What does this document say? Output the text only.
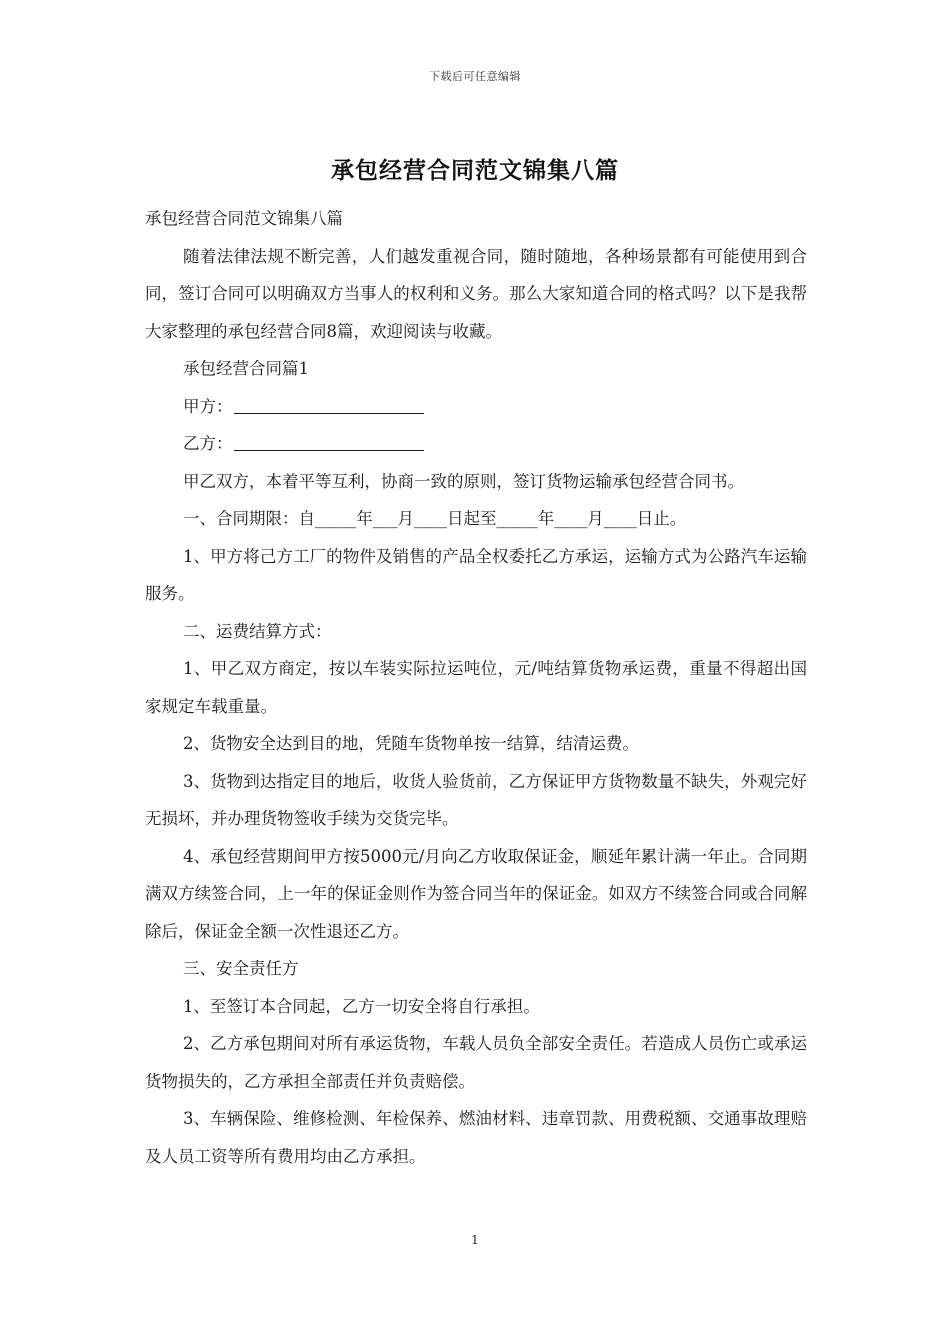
下载后可任意编辑
承包经营合同范文锦集八篇

承包经营合同范文锦集八篇

随着法律法规不断完善，人们越发重视合同，随时随地，各种场景都有可能使用到合同，签订合同可以明确双方当事人的权利和义务。那么大家知道合同的格式吗？以下是我帮大家整理的承包经营合同8篇，欢迎阅读与收藏。

承包经营合同篇1

甲方：

乙方：

甲乙双方，本着平等互利，协商一致的原则，签订货物运输承包经营合同书。

一、合同期限：自_____年___月____日起至_____年____月____日止。

1、甲方将己方工厂的物件及销售的产品全权委托乙方承运，运输方式为公路汽车运输服务。

二、运费结算方式：

1、甲乙双方商定，按以车装实际拉运吨位，元/吨结算货物承运费，重量不得超出国家规定车载重量。

2、货物安全达到目的地，凭随车货物单按一结算，结清运费。

3、货物到达指定目的地后，收货人验货前，乙方保证甲方货物数量不缺失，外观完好无损坏，并办理货物签收手续为交货完毕。

4、承包经营期间甲方按5000元/月向乙方收取保证金，顺延年累计满一年止。合同期满双方续签合同，上一年的保证金则作为签合同当年的保证金。如双方不续签合同或合同解除后，保证金全额一次性退还乙方。

三、安全责任方

1、至签订本合同起，乙方一切安全将自行承担。

2、乙方承包期间对所有承运货物，车载人员负全部安全责任。若造成人员伤亡或承运货物损失的，乙方承担全部责任并负责赔偿。

3、车辆保险、维修检测、年检保养、燃油材料、违章罚款、用费税额、交通事故理赔及人员工资等所有费用均由乙方承担。

1
